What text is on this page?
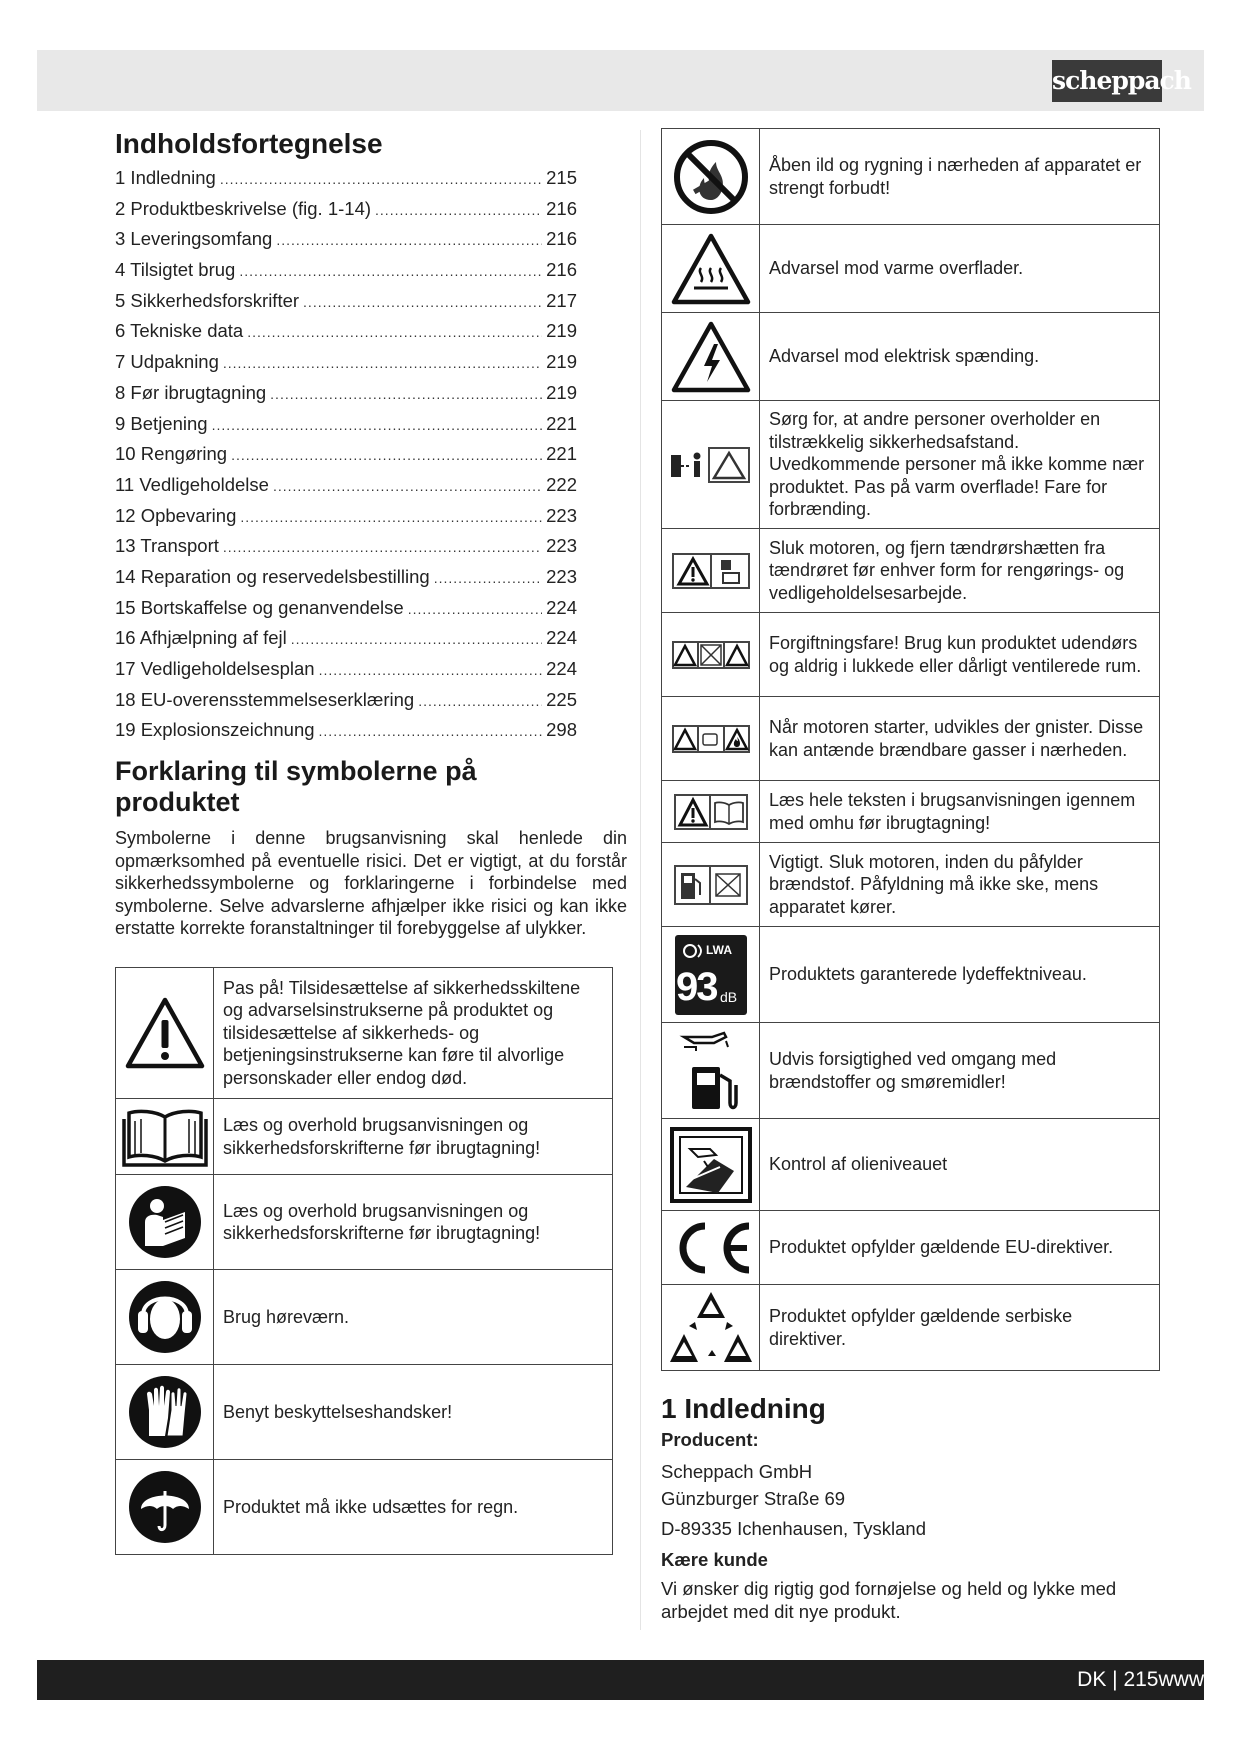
scheppach
Indholdsfortegnelse
1 Indledning .....	215
2 Produktbeskrivelse (fig. 1-14) .....	216
3 Leveringsomfang .....	216
4 Tilsigtet brug .....	216
5 Sikkerhedsforskrifter .....	217
6 Tekniske data .....	219
7 Udpakning .....	219
8 Før ibrugtagning .....	219
9 Betjening .....	221
10 Rengøring .....	221
11 Vedligeholdelse .....	222
12 Opbevaring .....	223
13 Transport .....	223
14 Reparation og reservedelsbestilling .....	223
15 Bortskaffelse og genanvendelse .....	224
16 Afhjælpning af fejl .....	224
17 Vedligeholdelsesplan .....	224
18 EU-overensstemmelseserklæring .....	225
19 Explosionszeichnung .....	298
Forklaring til symbolerne på produktet

Symbolerne i denne brugsanvisning skal henlede din opmærksomhed på eventuelle risici. Det er vigtigt, at du forstår sikkerhedssymbolerne og forklaringerne i forbindelse med symbolerne. Selve advarslerne afhjælper ikke risici og kan ikke erstatte korrekte foranstaltninger til forebyggelse af ulykker.

	Pas på! Tilsidesættelse af sikkerhedsskiltene og advarselsinstrukserne på produktet og tilsidesættelse af sikkerheds- og betjeningsinstrukserne kan føre til alvorlige personskader eller endog død.

	Læs og overhold brugsanvisningen og sikkerhedsforskrifterne før ibrugtagning!

	Læs og overhold brugsanvisningen og sikkerhedsforskrifterne før ibrugtagning!

	Brug høreværn.

	Benyt beskyttelseshandsker!

	Produktet må ikke udsættes for regn.
	Åben ild og rygning i nærheden af apparatet er strengt forbudt!

	Advarsel mod varme overflader.

	Advarsel mod elektrisk spænding.

	Sørg for, at andre personer overholder en tilstrækkelig sikkerhedsafstand. Uvedkommende personer må ikke komme nær produktet. Pas på varm overflade! Fare for forbrænding.

	Sluk motoren, og fjern tændrørshætten fra tændrøret før enhver form for rengørings- og vedligeholdelsesarbejde.

	Forgiftningsfare! Brug kun produktet udendørs og aldrig i lukkede eller dårligt ventilerede rum.

	Når motoren starter, udvikles der gnister. Disse kan antænde brændbare gasser i nærheden.

	Læs hele teksten i brugsanvisningen igennem med omhu før ibrugtagning!

	Vigtigt. Sluk motoren, inden du påfylder brændstof. Påfyldning må ikke ske, mens apparatet kører.

LWA
93 dB	Produktets garanterede lydeffektniveau.

	Udvis forsigtighed ved omgang med brændstoffer og smøremidler!

	Kontrol af olieniveauet

	Produktet opfylder gældende EU-direktiver.

	Produktet opfylder gældende serbiske direktiver.
1 Indledning
Producent:
Scheppach GmbH
Günzburger Straße 69
D-89335 Ichenhausen, Tyskland
Kære kunde

Vi ønsker dig rigtig god fornøjelse og held og lykke med arbejdet med dit nye produkt.

DK | 215www
